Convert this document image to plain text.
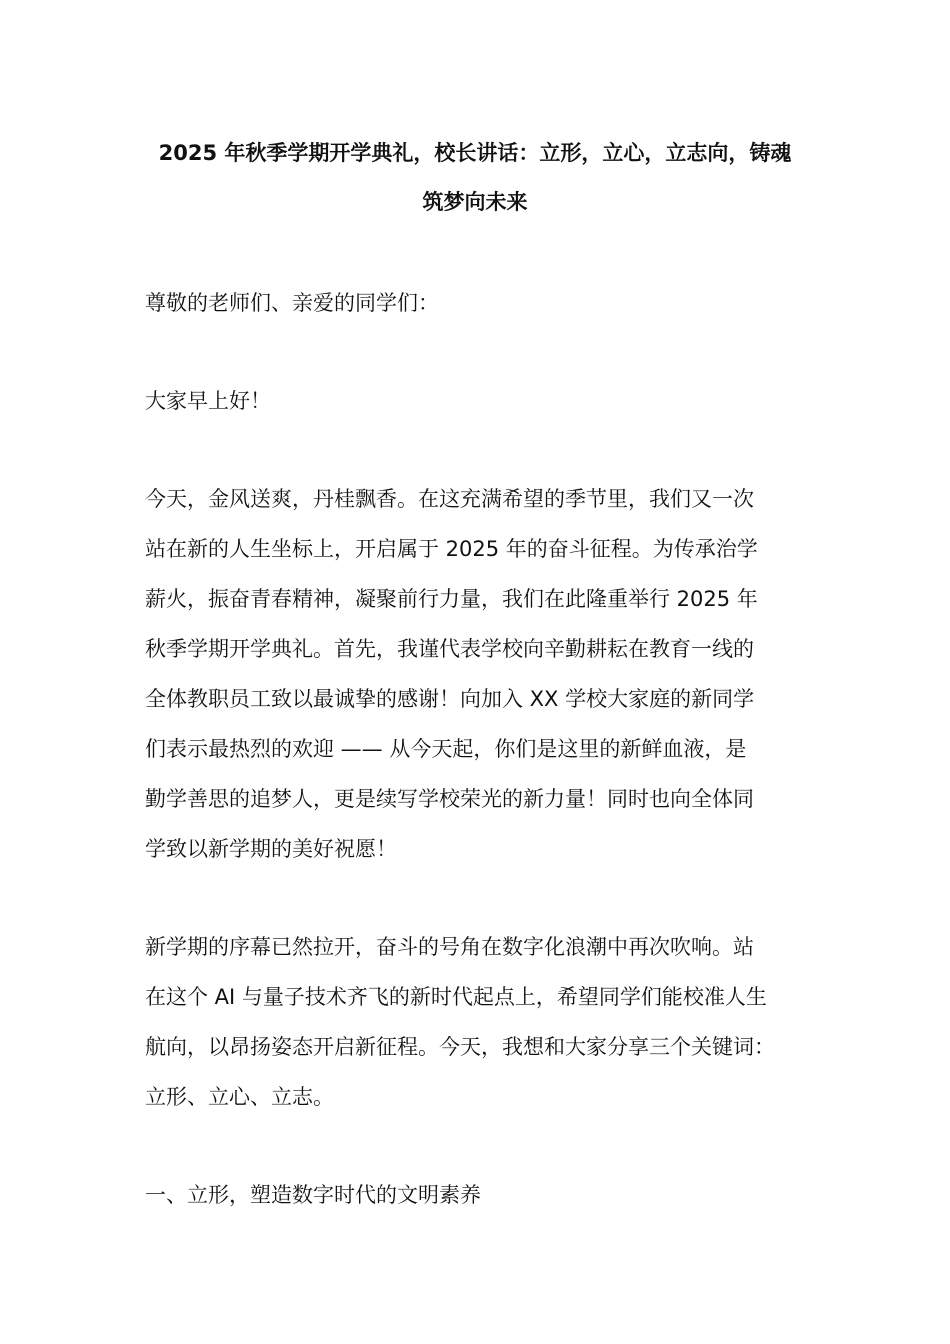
2025 年秋季学期开学典礼，校长讲话：立形，立心，立志向，铸魂
筑梦向未来
尊敬的老师们、亲爱的同学们：
大家早上好！
今天，金风送爽，丹桂飘香。在这充满希望的季节里，我们又一次
站在新的人生坐标上，开启属于 2025 年的奋斗征程。为传承治学
薪火，振奋青春精神，凝聚前行力量，我们在此隆重举行 2025 年
秋季学期开学典礼。首先，我谨代表学校向辛勤耕耘在教育一线的
全体教职员工致以最诚挚的感谢！向加入 XX 学校大家庭的新同学
们表示最热烈的欢迎 —— 从今天起，你们是这里的新鲜血液，是
勤学善思的追梦人，更是续写学校荣光的新力量！同时也向全体同
学致以新学期的美好祝愿！
新学期的序幕已然拉开，奋斗的号角在数字化浪潮中再次吹响。站
在这个 AI 与量子技术齐飞的新时代起点上，希望同学们能校准人生
航向，以昂扬姿态开启新征程。今天，我想和大家分享三个关键词：
立形、立心、立志。
一、立形，塑造数字时代的文明素养
